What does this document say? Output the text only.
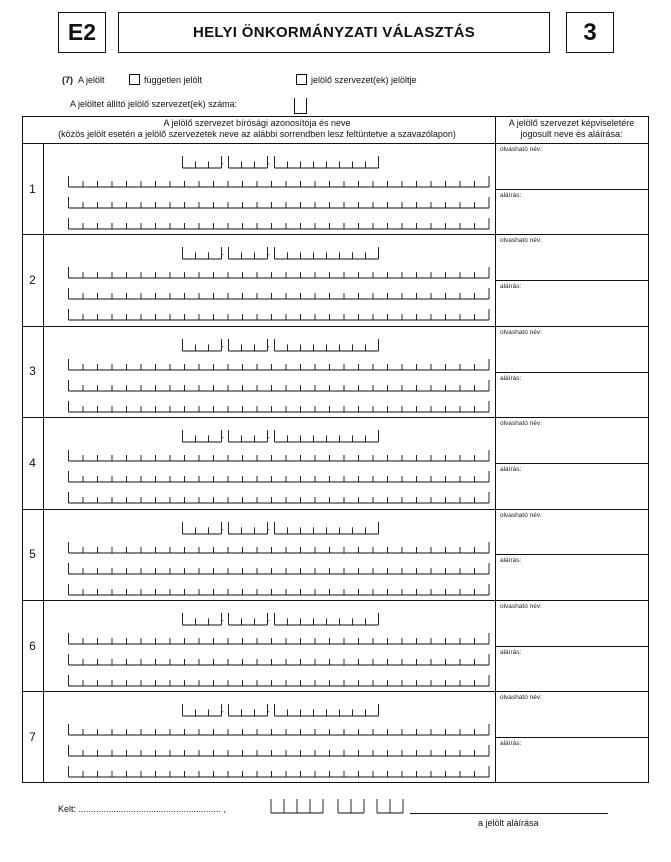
E2	HELYI ÖNKORMÁNYZATI VÁLASZTÁS	3
(7) A jelölt	független jelölt	jelölő szervezet(ek) jelöltje
A jelöltet állító jelölő szervezet(ek) száma:
A jelölő szervezet bírósági azonosítója és neve
(közös jelölt esetén a jelölő szervezetek neve az alábbi sorrendben lesz feltüntetve a szavazólapon)
A jelölő szervezet képviseletére
jogosult neve és aláírása:
1
-	-
olvasható név:
aláírás:
2
-	-
olvasható név:
aláírás:
3
-	-
olvasható név:
aláírás:
4
-	-
olvasható név:
aláírás:
5
-	-
olvasható név:
aláírás:
6
-	-
olvasható név:
aláírás:
7
-	-
olvasható név:
aláírás:
Kelt: ......................................................... ,
a jelölt aláírása
